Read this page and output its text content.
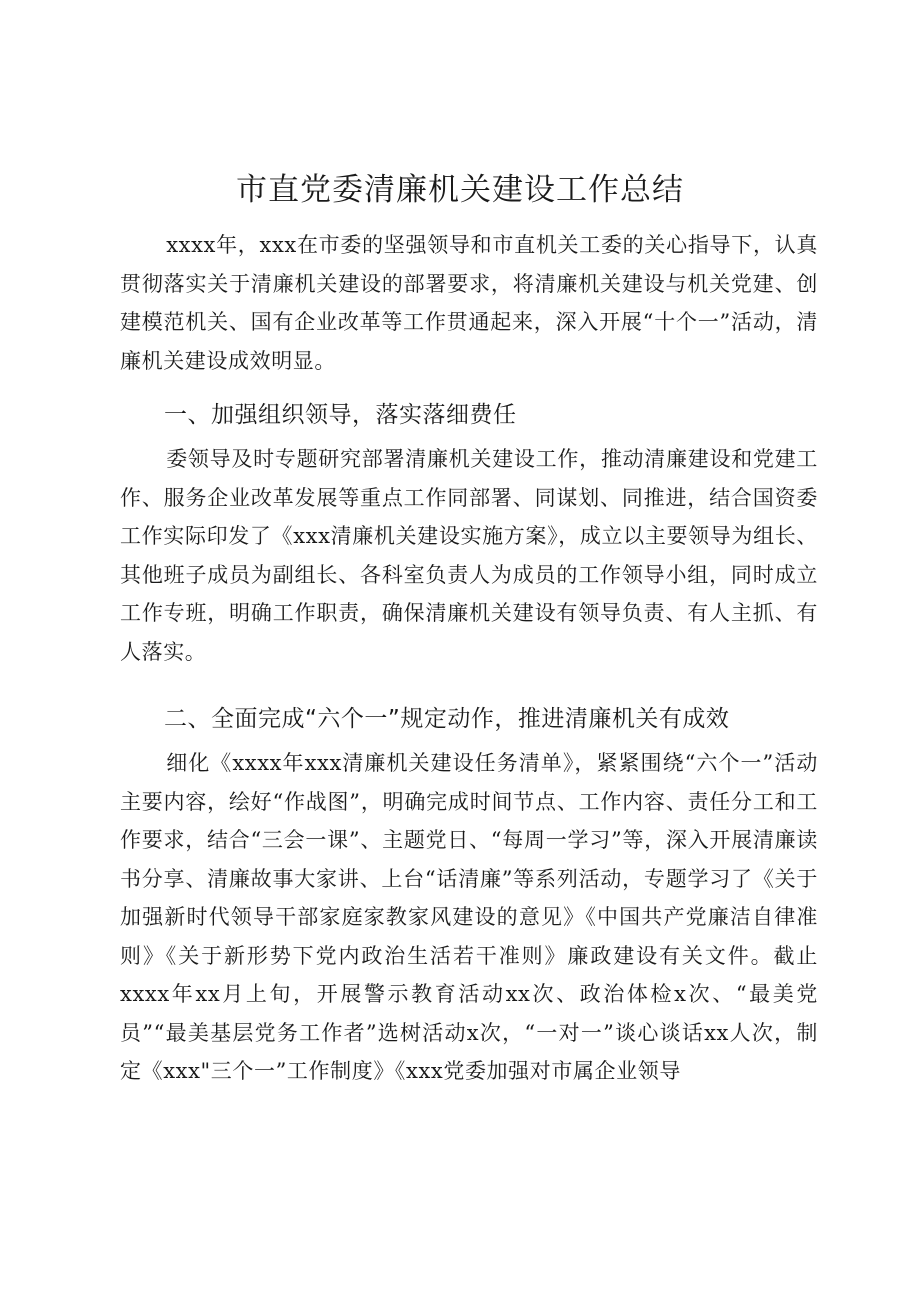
市直党委清廉机关建设工作总结

xxxx年，xxx在市委的坚强领导和市直机关工委的关心指导下，认真贯彻落实关于清廉机关建设的部署要求，将清廉机关建设与机关党建、创建模范机关、国有企业改革等工作贯通起来，深入开展“十个一”活动，清廉机关建设成效明显。

一、加强组织领导，落实落细费任

委领导及时专题研究部署清廉机关建设工作，推动清廉建设和党建工作、服务企业改革发展等重点工作同部署、同谋划、同推进，结合国资委工作实际印发了《xxx清廉机关建设实施方案》，成立以主要领导为组长、其他班子成员为副组长、各科室负责人为成员的工作领导小组，同时成立工作专班，明确工作职责，确保清廉机关建设有领导负责、有人主抓、有人落实。

二、全面完成“六个一”规定动作，推进清廉机关有成效

细化《xxxx年xxx清廉机关建设任务清单》，紧紧围绕“六个一”活动主要内容，绘好“作战图”，明确完成时间节点、工作内容、责任分工和工作要求，结合“三会一课”、主题党日、“每周一学习”等，深入开展清廉读书分享、清廉故事大家讲、上台“话清廉”等系列活动，专题学习了《关于加强新时代领导干部家庭家教家风建设的意见》《中国共产党廉洁自律准则》《关于新形势下党内政治生活若干准则》廉政建设有关文件。截止xxxx年xx月上旬，开展警示教育活动xx次、政治体检x次、“最美党员”“最美基层党务工作者”选树活动x次，“一对一”谈心谈话xx人次，制定《xxx"三个一”工作制度》《xxx党委加强对市属企业领导
